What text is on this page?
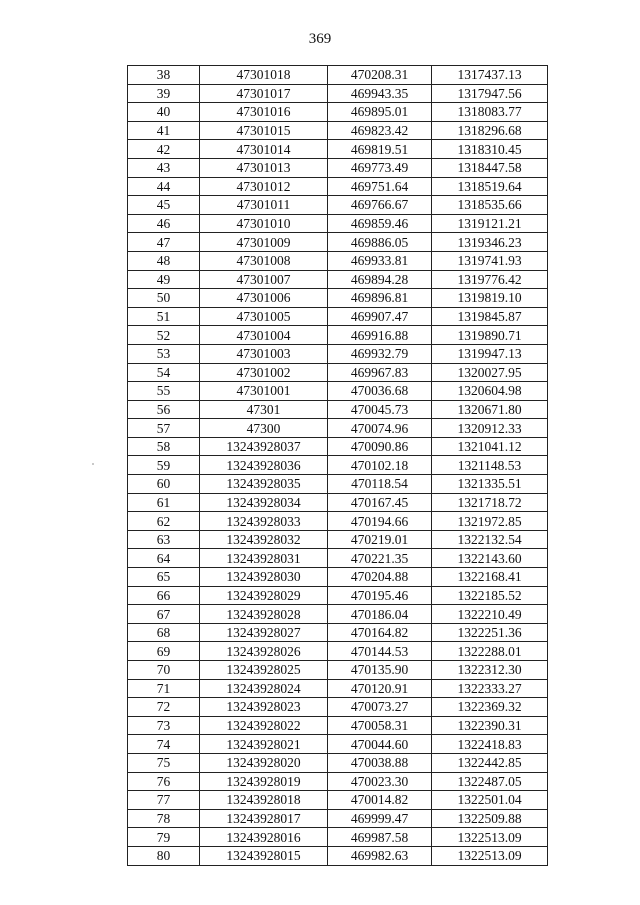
369
38	47301018	470208.31	1317437.13
39	47301017	469943.35	1317947.56
40	47301016	469895.01	1318083.77
41	47301015	469823.42	1318296.68
42	47301014	469819.51	1318310.45
43	47301013	469773.49	1318447.58
44	47301012	469751.64	1318519.64
45	47301011	469766.67	1318535.66
46	47301010	469859.46	1319121.21
47	47301009	469886.05	1319346.23
48	47301008	469933.81	1319741.93
49	47301007	469894.28	1319776.42
50	47301006	469896.81	1319819.10
51	47301005	469907.47	1319845.87
52	47301004	469916.88	1319890.71
53	47301003	469932.79	1319947.13
54	47301002	469967.83	1320027.95
55	47301001	470036.68	1320604.98
56	47301	470045.73	1320671.80
57	47300	470074.96	1320912.33
58	13243928037	470090.86	1321041.12
59	13243928036	470102.18	1321148.53
60	13243928035	470118.54	1321335.51
61	13243928034	470167.45	1321718.72
62	13243928033	470194.66	1321972.85
63	13243928032	470219.01	1322132.54
64	13243928031	470221.35	1322143.60
65	13243928030	470204.88	1322168.41
66	13243928029	470195.46	1322185.52
67	13243928028	470186.04	1322210.49
68	13243928027	470164.82	1322251.36
69	13243928026	470144.53	1322288.01
70	13243928025	470135.90	1322312.30
71	13243928024	470120.91	1322333.27
72	13243928023	470073.27	1322369.32
73	13243928022	470058.31	1322390.31
74	13243928021	470044.60	1322418.83
75	13243928020	470038.88	1322442.85
76	13243928019	470023.30	1322487.05
77	13243928018	470014.82	1322501.04
78	13243928017	469999.47	1322509.88
79	13243928016	469987.58	1322513.09
80	13243928015	469982.63	1322513.09
